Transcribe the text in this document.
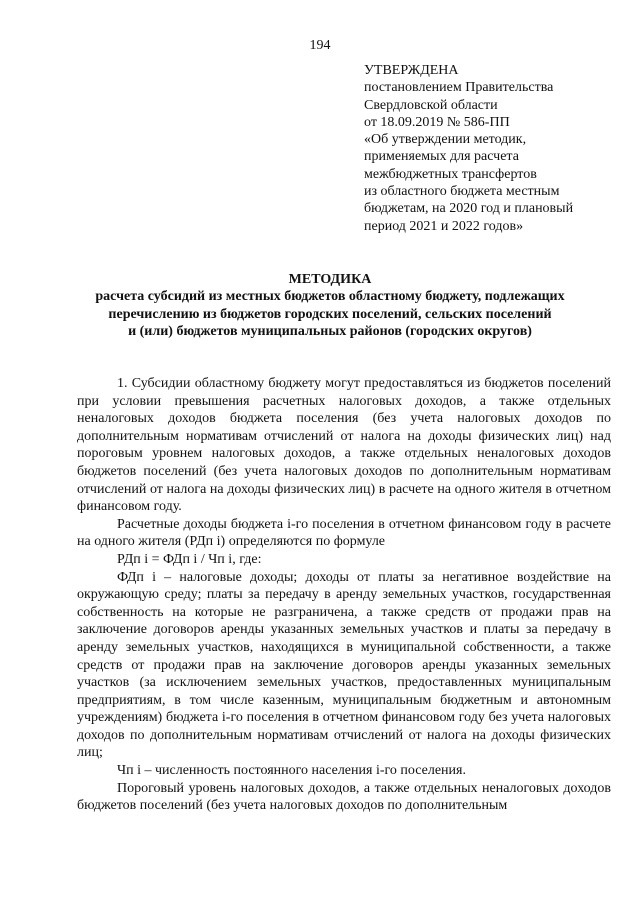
194
УТВЕРЖДЕНА
постановлением Правительства
Свердловской области
от 18.09.2019 № 586-ПП
«Об утверждении методик,
применяемых для расчета
межбюджетных трансфертов
из областного бюджета местным
бюджетам, на 2020 год и плановый
период 2021 и 2022 годов»
МЕТОДИКА
расчета субсидий из местных бюджетов областному бюджету, подлежащих
перечислению из бюджетов городских поселений, сельских поселений
и (или) бюджетов муниципальных районов (городских округов)

1. Субсидии областному бюджету могут предоставляться из бюджетов поселений при условии превышения расчетных налоговых доходов, а также отдельных неналоговых доходов бюджета поселения (без учета налоговых доходов по дополнительным нормативам отчислений от налога на доходы физических лиц) над пороговым уровнем налоговых доходов, а также отдельных неналоговых доходов бюджетов поселений (без учета налоговых доходов по дополнительным нормативам отчислений от налога на доходы физических лиц) в расчете на одного жителя в отчетном финансовом году.

Расчетные доходы бюджета i-го поселения в отчетном финансовом году в расчете на одного жителя (РДп i) определяются по формуле

РДп i = ФДп i / Чп i, где:

ФДп i – налоговые доходы; доходы от платы за негативное воздействие на окружающую среду; платы за передачу в аренду земельных участков, государственная собственность на которые не разграничена, а также средств от продажи прав на заключение договоров аренды указанных земельных участков и платы за передачу в аренду земельных участков, находящихся в муниципальной собственности, а также средств от продажи прав на заключение договоров аренды указанных земельных участков (за исключением земельных участков, предоставленных муниципальным предприятиям, в том числе казенным, муниципальным бюджетным и автономным учреждениям) бюджета i-го поселения в отчетном финансовом году без учета налоговых доходов по дополнительным нормативам отчислений от налога на доходы физических лиц;

Чп i – численность постоянного населения i-го поселения.

Пороговый уровень налоговых доходов, а также отдельных неналоговых доходов бюджетов поселений (без учета налоговых доходов по дополнительным
